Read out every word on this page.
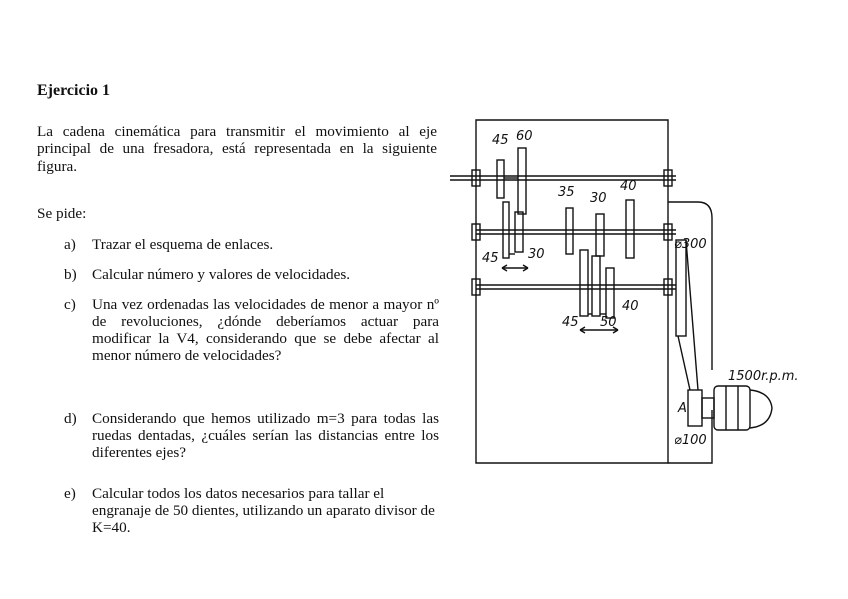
Ejercicio 1

La cadena cinemática para transmitir el movimiento al eje principal de una fresadora, está representada en la siguiente figura.

Se pide:
a) Trazar el esquema de enlaces.
b) Calcular número y valores de velocidades.
c) Una vez ordenadas las velocidades de menor a mayor nº de revoluciones, ¿dónde deberíamos actuar para modificar la V4, considerando que se debe afectar al menor número de velocidades?
d) Considerando que hemos utilizado m=3 para todas las ruedas dentadas, ¿cuáles serían las distancias entre los diferentes ejes?
e) Calcular todos los datos necesarios para tallar el engranaje de 50 dientes, utilizando un aparato divisor de K=40.
45 60
35 30
40
45 30
⌀300
45 50
40
1500r.p.m.
A
⌀100
